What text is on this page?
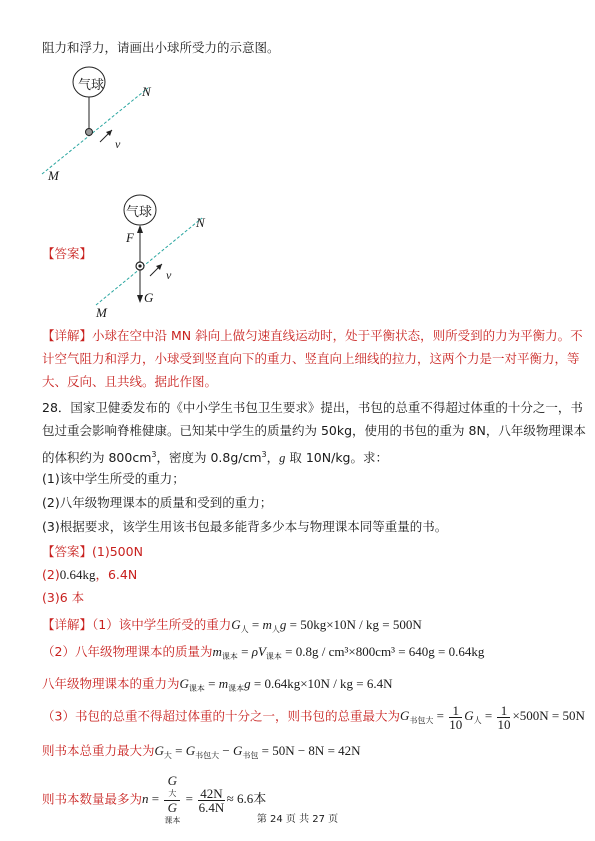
阻力和浮力，请画出小球所受力的示意图。
气球	N
M
v
气球
N
F
v
G
M
【答案】
【详解】小球在空中沿 MN 斜向上做匀速直线运动时，处于平衡状态，则所受到的力为平衡力。不
计空气阻力和浮力，小球受到竖直向下的重力、竖直向上细线的拉力，这两个力是一对平衡力，等
大、反向、且共线。据此作图。
28．国家卫健委发布的《中小学生书包卫生要求》提出，书包的总重不得超过体重的十分之一，书
包过重会影响脊椎健康。已知某中学生的质量约为 50kg，使用的书包的重为 8N，八年级物理课本
的体积约为 $800cm^3$，密度为 $0.8g/cm^3$，g 取 10N/kg。求：
(1)该中学生所受的重力；
(2)八年级物理课本的质量和受到的重力；
(3)根据要求，该学生用该书包最多能背多少本与物理课本同等重量的书。
【答案】(1)500N
(2)0.64kg，6.4N
(3)6 本
【详解】（1）该中学生所受的重力$G_人 = m_人g = 50kg\times 10N$ / kg = 500N
（2）八年级物理课本的质量为$m_{课本} = \rho V_{课本} = 0.8g / cm^3\times 800cm^3 = 640g = 0.64kg$
八年级物理课本的重力为$G_{课本} = m_{课本}g = 0.64kg\times 10N$ / kg = 6.4N
（3）书包的总重不得超过体重的十分之一，则书包的总重最大为$G_{书包大} = \frac{1}{10} G_人 = \frac{1}{10} \times 500N = 50N$
则书本总重力最大为$G_大 = G_{书包大} - G_{书包} = 50N - 8N = 42N$
则书本数量最多为n = G
大
G
课本 = $\frac{42N}{6.4N} \approx 6.6$本
第 24 页 共 27 页
